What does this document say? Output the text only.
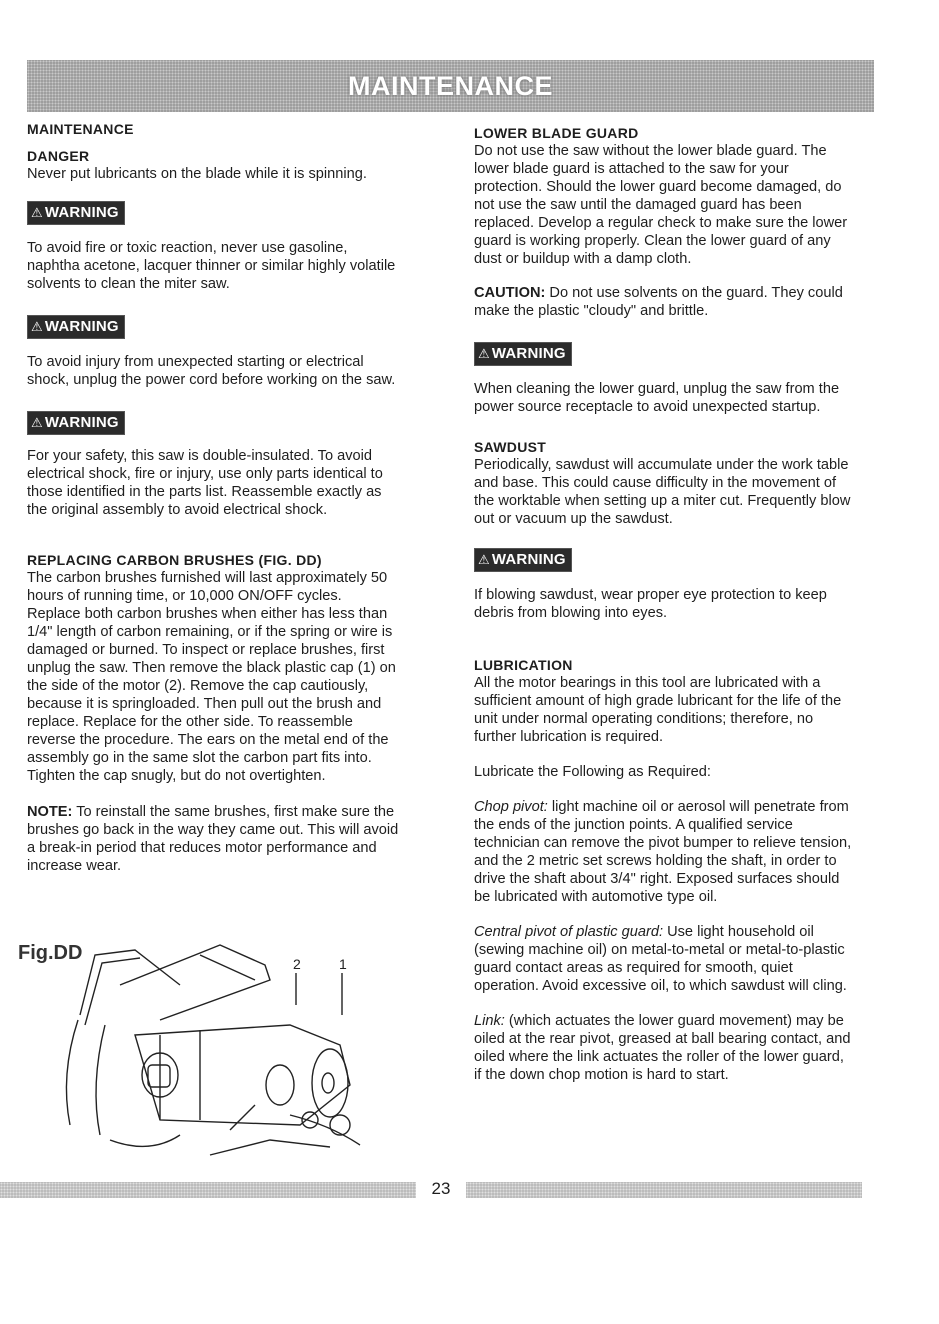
MAINTENANCE

MAINTENANCE

DANGER

Never put lubricants on the blade while it is spinning.

⚠ WARNING

To avoid fire or toxic reaction, never use gasoline, naphtha acetone, lacquer thinner or similar highly volatile solvents to clean the miter saw.

⚠ WARNING

To avoid injury from unexpected starting or electrical shock, unplug the power cord before working on the saw.

⚠ WARNING

For your safety, this saw is double-insulated. To avoid electrical shock, fire or injury, use only parts identical to those identified in the parts list. Reassemble exactly as the original assembly to avoid electrical shock.

REPLACING CARBON BRUSHES (FIG. DD)

The carbon brushes furnished will last approximately 50 hours of running time, or 10,000 ON/OFF cycles. Replace both carbon brushes when either has less than 1/4" length of carbon remaining, or if the spring or wire is damaged or burned. To inspect or replace brushes, first unplug the saw. Then remove the black plastic cap (1) on the side of the motor (2). Remove the cap cautiously, because it is springloaded. Then pull out the brush and replace. Replace for the other side. To reassemble reverse the procedure. The ears on the metal end of the assembly go in the same slot the carbon part fits into. Tighten the cap snugly, but do not overtighten.

NOTE: To reinstall the same brushes, first make sure the brushes go back in the way they came out. This will avoid a break-in period that reduces motor performance and increase wear.

Fig.DD	2	1

LOWER BLADE GUARD

Do not use the saw without the lower blade guard. The lower blade guard is attached to the saw for your protection. Should the lower guard become damaged, do not use the saw until the damaged guard has been replaced. Develop a regular check to make sure the lower guard is working properly. Clean the lower guard of any dust or buildup with a damp cloth.

CAUTION: Do not use solvents on the guard. They could make the plastic "cloudy" and brittle.

⚠ WARNING

When cleaning the lower guard, unplug the saw from the power source receptacle to avoid unexpected startup.

SAWDUST

Periodically, sawdust will accumulate under the work table and base. This could cause difficulty in the movement of the worktable when setting up a miter cut. Frequently blow out or vacuum up the sawdust.

⚠ WARNING

If blowing sawdust, wear proper eye protection to keep debris from blowing into eyes.

LUBRICATION

All the motor bearings in this tool are lubricated with a sufficient amount of high grade lubricant for the life of the unit under normal operating conditions; therefore, no further lubrication is required.

Lubricate the Following as Required:

Chop pivot: light machine oil or aerosol will penetrate from the ends of the junction points. A qualified service technician can remove the pivot bumper to relieve tension, and the 2 metric set screws holding the shaft, in order to drive the shaft about 3/4" right. Exposed surfaces should be lubricated with automotive type oil.

Central pivot of plastic guard: Use light household oil (sewing machine oil) on metal-to-metal or metal-to-plastic guard contact areas as required for smooth, quiet operation. Avoid excessive oil, to which sawdust will cling.

Link: (which actuates the lower guard movement) may be oiled at the rear pivot, greased at ball bearing contact, and oiled where the link actuates the roller of the lower guard, if the down chop motion is hard to start.

23
